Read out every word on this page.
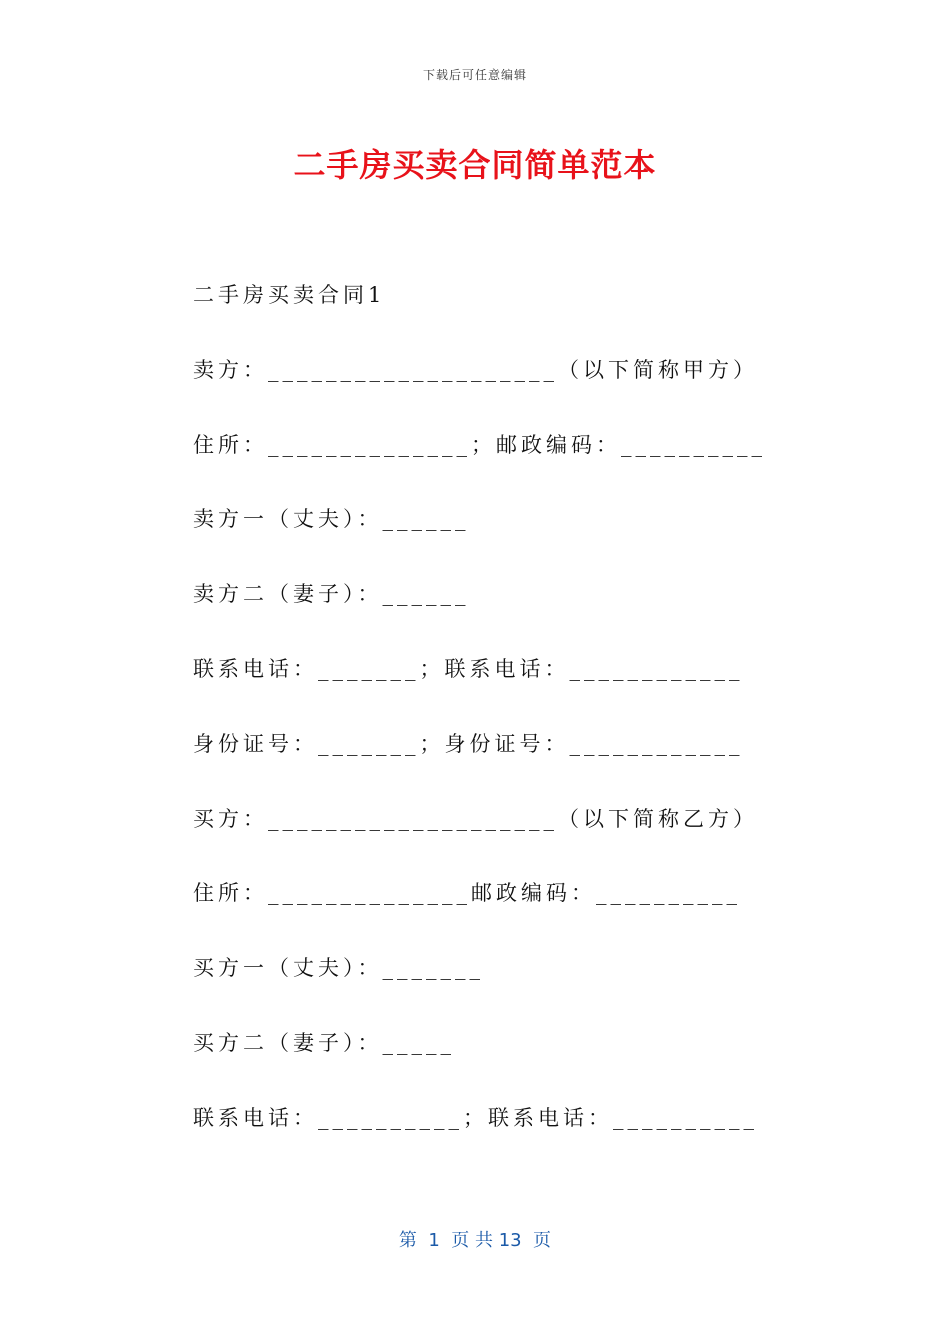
下载后可任意编辑
二手房买卖合同简单范本
二手房买卖合同1
卖方：____________________（以下简称甲方）
住所：______________；邮政编码：__________
卖方一（丈夫）：______
卖方二（妻子）：______
联系电话：_______；联系电话：____________
身份证号：_______；身份证号：____________
买方：____________________（以下简称乙方）
住所：______________邮政编码：__________
买方一（丈夫）：_______
买方二（妻子）：_____
联系电话：__________；联系电话：__________
第  1  页 共 13  页
